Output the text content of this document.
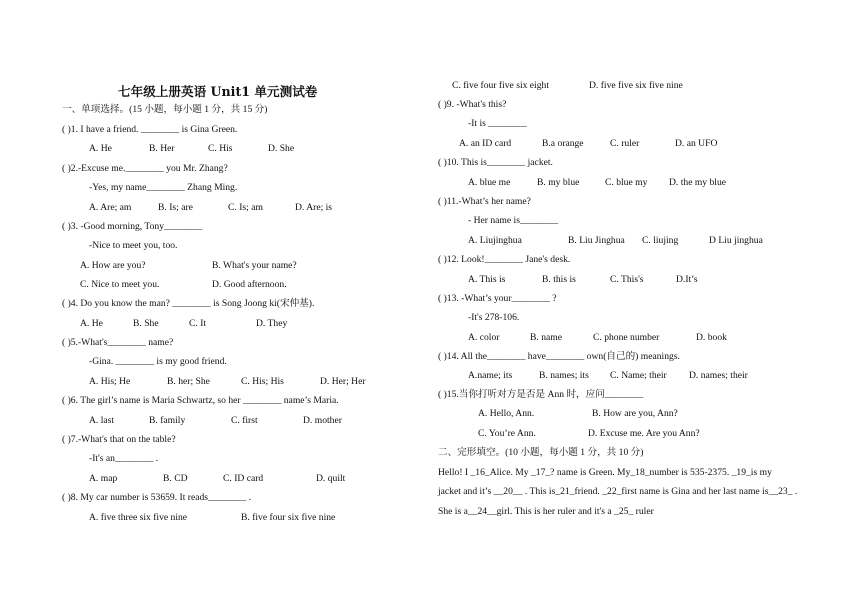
七年级上册英语 Unit1 单元测试卷
一、单项选择。(15 小题，每小题 1 分，共 15 分)
( )1. I have a friend. ________ is Gina Green.
A. He	B. Her	C. His	D. She
( )2.-Excuse me.________ you Mr. Zhang?
-Yes, my name________ Zhang Ming.
A. Are; am	B. Is; are	C. Is; am	D. Are; is
( )3. -Good morning, Tony________
-Nice to meet you, too.
A. How are you?	B. What's your name?
C. Nice to meet you.	D. Good afternoon.
( )4. Do you know the man? ________ is Song Joong ki(宋仲基).
A. He	B. She	C. It	D. They
( )5.-What's________ name?
-Gina. ________ is my good friend.
A. His; He	B. her; She	C. His; His	D. Her; Her
( )6. The girl’s name is Maria Schwartz, so her ________ name’s Maria.
A. last	B. family	C. first	D. mother
( )7.-What's that on the table?
-It's an________ .
A. map	B. CD	C. ID card	D. quilt
( )8. My car number is 53659. It reads________ .
A. five three six five nine	B. five four six five nine
C. five four five six eight	D. five five six five nine
( )9. -What's this?
-It is ________
A. an ID card	B.a orange	C. ruler	D. an UFO
( )10. This is________ jacket.
A. blue me	B. my blue	C. blue my D. the my blue
( )11.-What’s her name?
- Her name is________
A. Liujinghua	B. Liu Jinghua C. liujing	D Liu jinghua
( )12. Look!________ Jane's desk.
A. This is	B. this is	C. This's	D.It’s
( )13. -What’s your________ ?
-It's 278-106.
A. color	B. name	C. phone number	D. book
( )14. All the________ have________ own(自己的) meanings.
A.name; its	B. names; its C. Name; their D. names; their
( )15.当你打听对方是否是 Ann 时，应问________
A. Hello, Ann.	B. How are you, Ann?
C. You’re Ann.	D. Excuse me. Are you Ann?
二、完形填空。(10 小题，每小题 1 分，共 10 分)
Hello! I _16_Alice. My _17_? name is Green. My_18_number is 535-2375. _19_is my
jacket and it’s __20__ . This is_21_friend. _22_first name is Gina and her last name is__23_ .
She is a__24__girl. This is her ruler and it's a _25_ ruler
